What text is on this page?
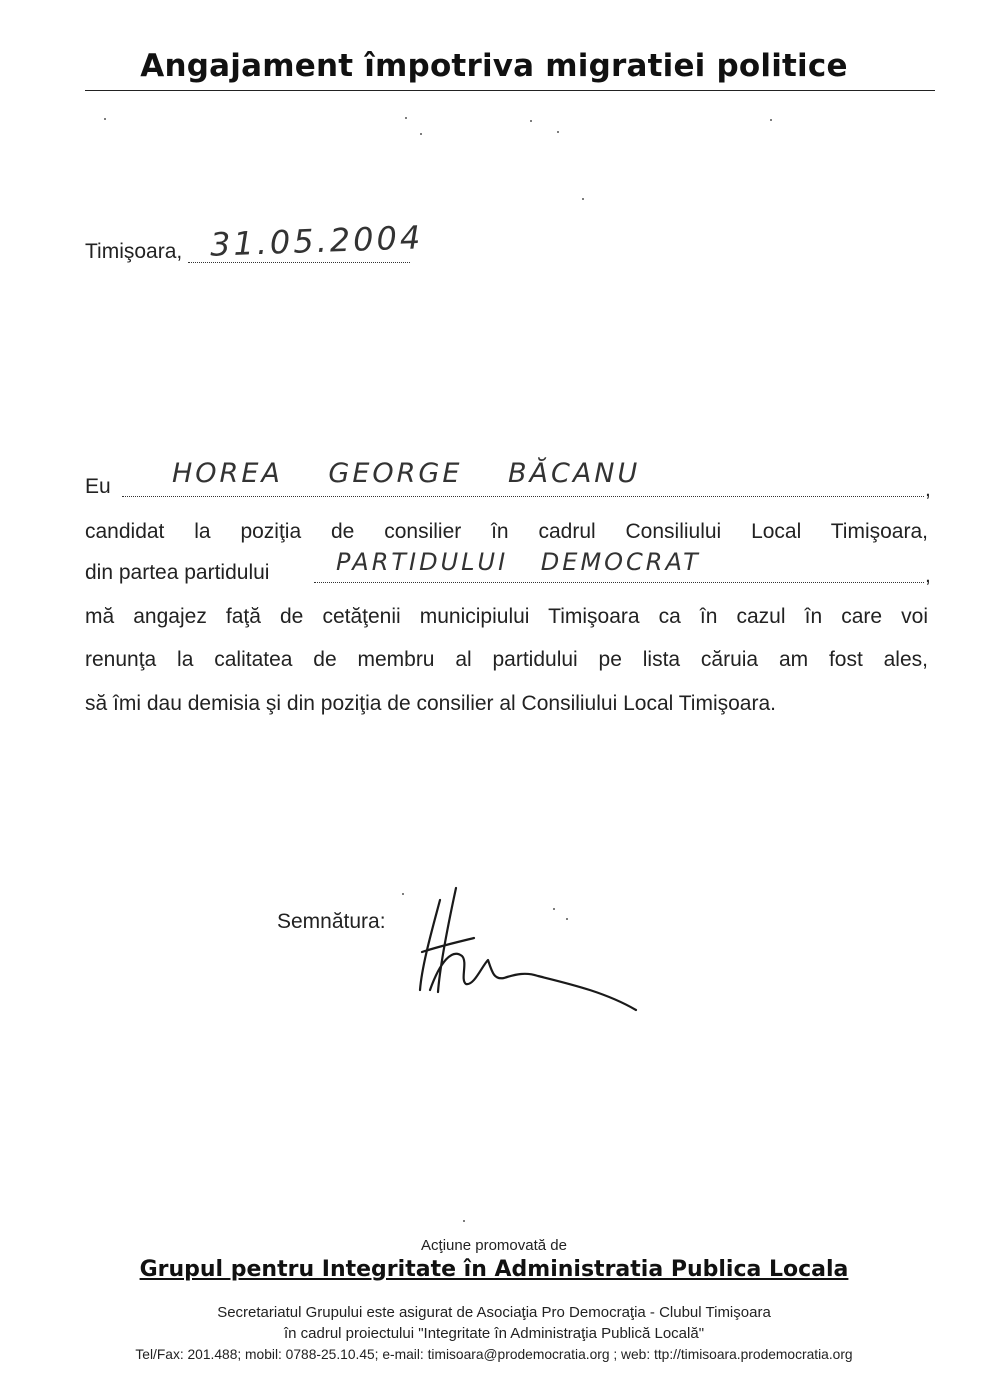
Angajament împotriva migratiei politice
Timişoara, 31.05.2004
Eu	,
HOREA GEORGE BĂCANU
candidat la poziţia de consilier în cadrul Consiliului Local Timişoara,
din partea partidului	,
PARTIDULUI DEMOCRAT
mă angajez faţă de cetăţenii municipiului Timişoara ca în cazul în care voi
renunţa la calitatea de membru al partidului pe lista căruia am fost ales,
să îmi dau demisia şi din poziţia de consilier al Consiliului Local Timişoara.
Semnătura:
Acţiune promovată de
Grupul pentru Integritate în Administratia Publica Locala
Secretariatul Grupului este asigurat de Asociaţia Pro Democraţia - Clubul Timişoara
în cadrul proiectului "Integritate în Administraţia Publică Locală"
Tel/Fax: 201.488; mobil: 0788-25.10.45; e-mail: timisoara@prodemocratia.org ; web: ttp://timisoara.prodemocratia.org
